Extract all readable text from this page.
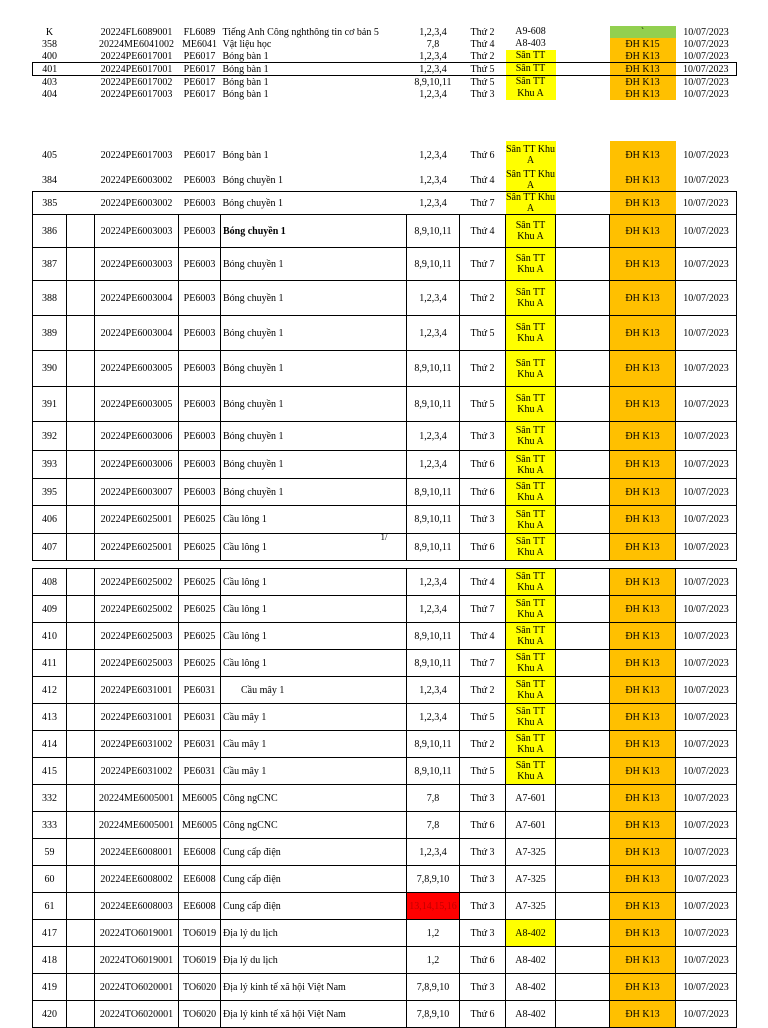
K		20224FL6089001	FL6089	Tiếng Anh Công nghthông tin cơ bản 5	1,2,3,4	Thứ 2	A9-608		`	10/07/2023
358		20224ME6041002	ME6041	Vật liệu học	7,8	Thứ 4	A8-403		ĐH K15	10/07/2023
400		20224PE6017001	PE6017	Bóng bàn 1	1,2,3,4	Thứ 2	Sân TT		ĐH K13	10/07/2023
401		20224PE6017001	PE6017	Bóng bàn 1	1,2,3,4	Thứ 5	Sân TT		ĐH K13	10/07/2023
403		20224PE6017002	PE6017	Bóng bàn 1	8,9,10,11	Thứ 5	Sân TT		ĐH K13	10/07/2023
404		20224PE6017003	PE6017	Bóng bàn 1	1,2,3,4	Thứ 3	Khu A		ĐH K13	10/07/2023
405		20224PE6017003	PE6017	Bóng bàn 1	1,2,3,4	Thứ 6	Sân TT Khu A		ĐH K13	10/07/2023
384		20224PE6003002	PE6003	Bóng chuyền 1	1,2,3,4	Thứ 4	Sân TT Khu A		ĐH K13	10/07/2023
385		20224PE6003002	PE6003	Bóng chuyền 1	1,2,3,4	Thứ 7	Sân TT Khu A		ĐH K13	10/07/2023
386		20224PE6003003	PE6003	Bóng chuyền 1	8,9,10,11	Thứ 4	Sân TT Khu A		ĐH K13	10/07/2023
387		20224PE6003003	PE6003	Bóng chuyền 1	8,9,10,11	Thứ 7	Sân TT Khu A		ĐH K13	10/07/2023
388		20224PE6003004	PE6003	Bóng chuyền 1	1,2,3,4	Thứ 2	Sân TT Khu A		ĐH K13	10/07/2023
389		20224PE6003004	PE6003	Bóng chuyền 1	1,2,3,4	Thứ 5	Sân TT Khu A		ĐH K13	10/07/2023
390		20224PE6003005	PE6003	Bóng chuyền 1	8,9,10,11	Thứ 2	Sân TT Khu A		ĐH K13	10/07/2023
391		20224PE6003005	PE6003	Bóng chuyền 1	8,9,10,11	Thứ 5	Sân TT Khu A		ĐH K13	10/07/2023
392		20224PE6003006	PE6003	Bóng chuyền 1	1,2,3,4	Thứ 3	Sân TT Khu A		ĐH K13	10/07/2023
393		20224PE6003006	PE6003	Bóng chuyền 1	1,2,3,4	Thứ 6	Sân TT Khu A		ĐH K13	10/07/2023
395		20224PE6003007	PE6003	Bóng chuyền 1	8,9,10,11	Thứ 6	Sân TT Khu A		ĐH K13	10/07/2023
406		20224PE6025001	PE6025	Cầu lông 1	8,9,10,11	Thứ 3	Sân TT Khu A		ĐH K13	10/07/2023
407		20224PE6025001	PE6025	Cầu lông 1	8,9,10,11	Thứ 6	Sân TT Khu A		ĐH K13	10/07/2023
1/
408		20224PE6025002	PE6025	Cầu lông 1	1,2,3,4	Thứ 4	Sân TT Khu A		ĐH K13	10/07/2023
409		20224PE6025002	PE6025	Cầu lông 1	1,2,3,4	Thứ 7	Sân TT Khu A		ĐH K13	10/07/2023
410		20224PE6025003	PE6025	Cầu lông 1	8,9,10,11	Thứ 4	Sân TT Khu A		ĐH K13	10/07/2023
411		20224PE6025003	PE6025	Cầu lông 1	8,9,10,11	Thứ 7	Sân TT Khu A		ĐH K13	10/07/2023
412		20224PE6031001	PE6031	Cầu mây 1	1,2,3,4	Thứ 2	Sân TT Khu A		ĐH K13	10/07/2023
413		20224PE6031001	PE6031	Cầu mây 1	1,2,3,4	Thứ 5	Sân TT Khu A		ĐH K13	10/07/2023
414		20224PE6031002	PE6031	Cầu mây 1	8,9,10,11	Thứ 2	Sân TT Khu A		ĐH K13	10/07/2023
415		20224PE6031002	PE6031	Cầu mây 1	8,9,10,11	Thứ 5	Sân TT Khu A		ĐH K13	10/07/2023
332		20224ME6005001	ME6005	Công ngCNC	7,8	Thứ 3	A7-601		ĐH K13	10/07/2023
333		20224ME6005001	ME6005	Công ngCNC	7,8	Thứ 6	A7-601		ĐH K13	10/07/2023
59		20224EE6008001	EE6008	Cung cấp điện	1,2,3,4	Thứ 3	A7-325		ĐH K13	10/07/2023
60		20224EE6008002	EE6008	Cung cấp điện	7,8,9,10	Thứ 3	A7-325		ĐH K13	10/07/2023
61		20224EE6008003	EE6008	Cung cấp điện	13,14,15,16	Thứ 3	A7-325		ĐH K13	10/07/2023
417		20224TO6019001	TO6019	Địa lý du lịch	1,2	Thứ 3	A8-402		ĐH K13	10/07/2023
418		20224TO6019001	TO6019	Địa lý du lịch	1,2	Thứ 6	A8-402		ĐH K13	10/07/2023
419		20224TO6020001	TO6020	Địa lý kinh tế xã hội Việt Nam	7,8,9,10	Thứ 3	A8-402		ĐH K13	10/07/2023
420		20224TO6020001	TO6020	Địa lý kinh tế xã hội Việt Nam	7,8,9,10	Thứ 6	A8-402		ĐH K13	10/07/2023
